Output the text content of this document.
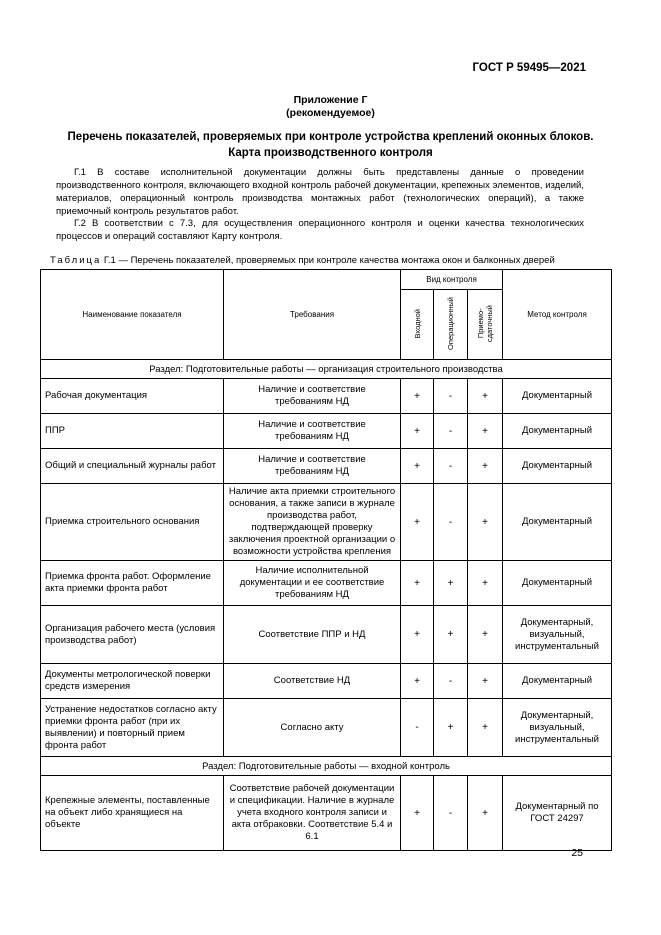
ГОСТ Р 59495—2021
Приложение Г
(рекомендуемое)
Перечень показателей, проверяемых при контроле устройства креплений оконных блоков.
Карта производственного контроля

Г.1 В составе исполнительной документации должны быть представлены данные о проведении производственного контроля, включающего входной контроль рабочей документации, крепежных элементов, изделий, материалов, операционный контроль производства монтажных работ (технологических операций), а также приемочный контроль результатов работ.

Г.2 В соответствии с 7.3, для осуществления операционного контроля и оценки качества технологических процессов и операций составляют Карту контроля.

Таблица Г.1 — Перечень показателей, проверяемых при контроле качества монтажа окон и балконных дверей
Наименование показателя	Требования	Вид контроля			Метод контроля
		Входной	Операционный	Приемо-
сдаточный	
Раздел: Подготовительные работы — организация строительного производства					
Рабочая документация	Наличие и соответствие требованиям НД	+	-	+	Документарный
ППР	Наличие и соответствие требованиям НД	+	-	+	Документарный
Общий и специальный журналы работ	Наличие и соответствие требованиям НД	+	-	+	Документарный
Приемка строительного основания	Наличие акта приемки строительного основания, а также записи в журнале производства работ, подтверждающей проверку заключения проектной организации о возможности устройства крепления	+	-	+	Документарный
Приемка фронта работ. Оформление акта приемки фронта работ	Наличие исполнительной документации и ее соответствие требованиям НД	+	+	+	Документарный
Организация рабочего места (условия производства работ)	Соответствие ППР и НД	+	+	+	Документарный, визуальный, инструментальный
Документы метрологической поверки средств измерения	Соответствие НД	+	-	+	Документарный
Устранение недостатков согласно акту приемки фронта работ (при их выявлении) и повторный прием фронта работ	Согласно акту	-	+	+	Документарный, визуальный, инструментальный
Раздел: Подготовительные работы — входной контроль					
Крепежные элементы, поставленные на объект либо хранящиеся на объекте	Соответствие рабочей документации и спецификации. Наличие в журнале учета входного контроля записи и акта отбраковки. Соответствие 5.4 и 6.1	+	-	+	Документарный по ГОСТ 24297
25
